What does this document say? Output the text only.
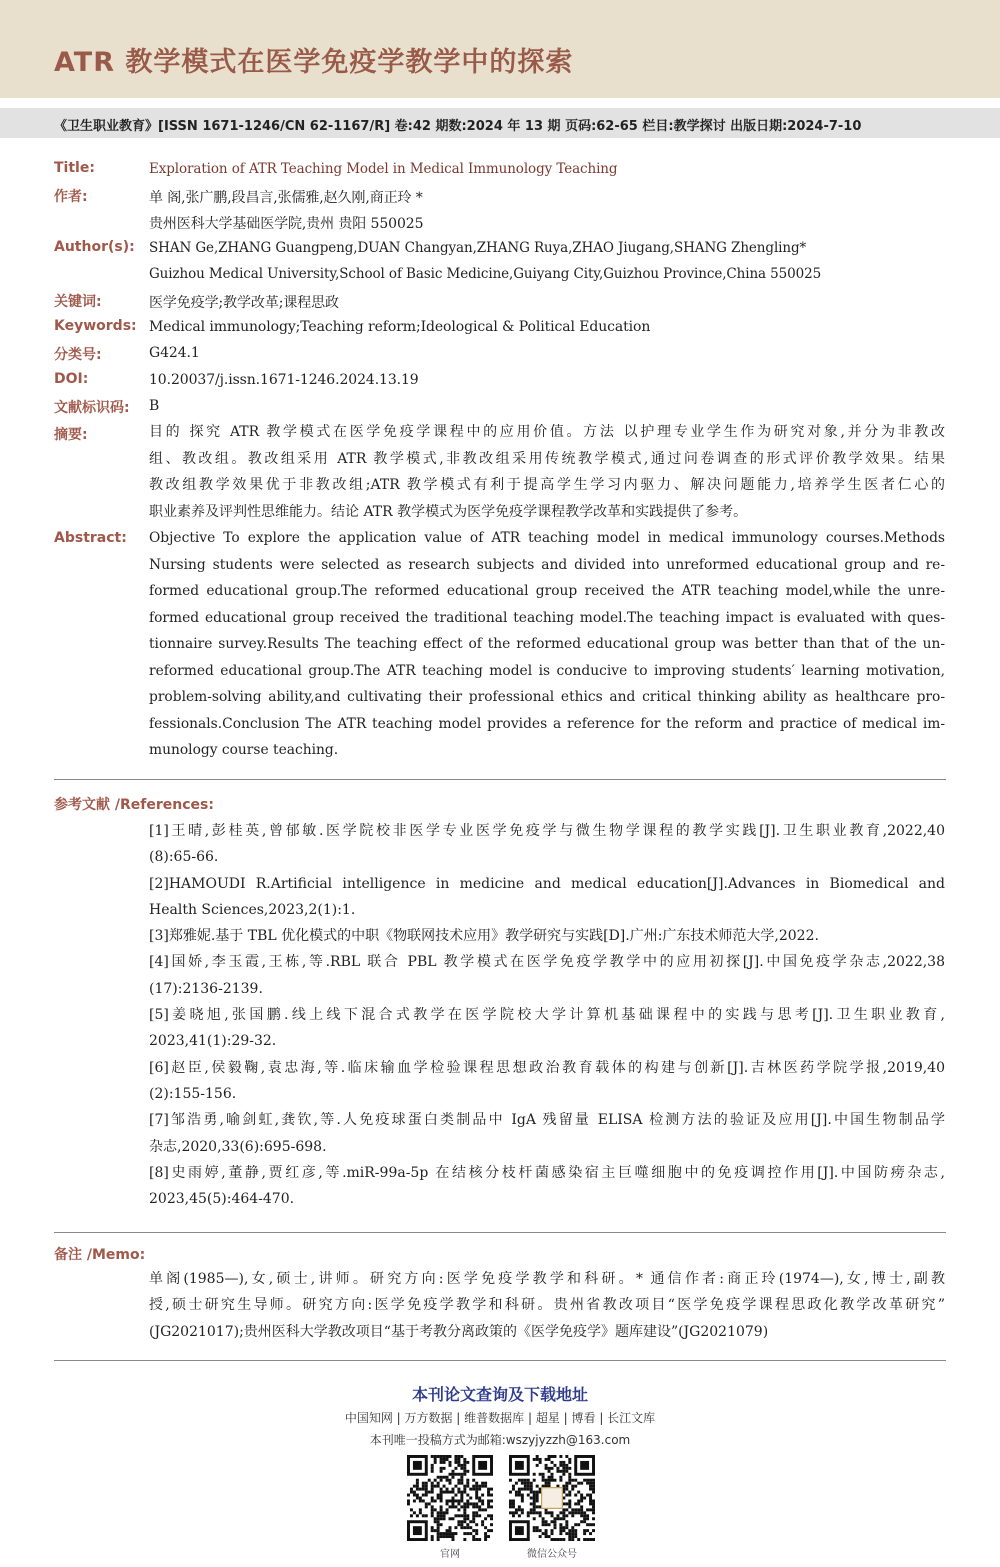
ATR 教学模式在医学免疫学教学中的探索
《卫生职业教育》[ISSN 1671-1246/CN 62-1167/R] 卷:42 期数:2024 年 13 期 页码:62-65 栏目:教学探讨 出版日期:2024-7-10
Title:	Exploration of ATR Teaching Model in Medical Immunology Teaching
作者:	单 阁,张广鹏,段昌言,张儒雅,赵久刚,商正玲 *
贵州医科大学基础医学院,贵州 贵阳 550025
Author(s): SHAN Ge,ZHANG Guangpeng,DUAN Changyan,ZHANG Ruya,ZHAO Jiugang,SHANG Zhengling*
Guizhou Medical University,School of Basic Medicine,Guiyang City,Guizhou Province,China 550025
关键词:	医学免疫学;教学改革;课程思政
Keywords: Medical immunology;Teaching reform;Ideological & Political Education
分类号:	G424.1
DOI:	10.20037/j.issn.1671-1246.2024.13.19
文献标识码: B
摘要:	目的 探究 ATR 教学模式在医学免疫学课程中的应用价值。方法 以护理专业学生作为研究对象,并分为非教改
组、教改组。教改组采用 ATR 教学模式,非教改组采用传统教学模式,通过问卷调查的形式评价教学效果。结果
教改组教学效果优于非教改组;ATR 教学模式有利于提高学生学习内驱力、解决问题能力,培养学生医者仁心的
职业素养及评判性思维能力。结论 ATR 教学模式为医学免疫学课程教学改革和实践提供了参考。
Abstract: Objective To explore the application value of ATR teaching model in medical immunology courses.Methods
Nursing students were selected as research subjects and divided into unreformed educational group and re-
formed educational group.The reformed educational group received the ATR teaching model,while the unre-
formed educational group received the traditional teaching model.The teaching impact is evaluated with ques-
tionnaire survey.Results The teaching effect of the reformed educational group was better than that of the un-
reformed educational group.The ATR teaching model is conducive to improving students′ learning motivation,
problem-solving ability,and cultivating their professional ethics and critical thinking ability as healthcare pro-
fessionals.Conclusion The ATR teaching model provides a reference for the reform and practice of medical im-
munology course teaching.
参考文献 /References:
[1]王晴,彭桂英,曾郁敏.医学院校非医学专业医学免疫学与微生物学课程的教学实践[J].卫生职业教育,2022,40
(8):65-66.
[2]HAMOUDI R.Artificial intelligence in medicine and medical education[J].Advances in Biomedical and
Health Sciences,2023,2(1):1.
[3]郑雅妮.基于 TBL 优化模式的中职《物联网技术应用》教学研究与实践[D].广州:广东技术师范大学,2022.
[4]国娇,李玉霞,王栋,等.RBL 联合 PBL 教学模式在医学免疫学教学中的应用初探[J].中国免疫学杂志,2022,38
(17):2136-2139.
[5]姜晓旭,张国鹏.线上线下混合式教学在医学院校大学计算机基础课程中的实践与思考[J].卫生职业教育,
2023,41(1):29-32.
[6]赵臣,侯毅鞠,袁忠海,等.临床输血学检验课程思想政治教育载体的构建与创新[J].吉林医药学院学报,2019,40
(2):155-156.
[7]邹浩勇,喻剑虹,龚钦,等.人免疫球蛋白类制品中 IgA 残留量 ELISA 检测方法的验证及应用[J].中国生物制品学
杂志,2020,33(6):695-698.
[8]史雨婷,董静,贾红彦,等.miR-99a-5p 在结核分枝杆菌感染宿主巨噬细胞中的免疫调控作用[J].中国防痨杂志,
2023,45(5):464-470.
备注 /Memo:
单阁(1985—),女,硕士,讲师。研究方向:医学免疫学教学和科研。* 通信作者:商正玲(1974—),女,博士,副教
授,硕士研究生导师。研究方向:医学免疫学教学和科研。贵州省教改项目“医学免疫学课程思政化教学改革研究”
(JG2021017);贵州医科大学教改项目“基于考教分离政策的《医学免疫学》题库建设”(JG2021079)
本刊论文查询及下载地址
中国知网 | 万方数据 | 维普数据库 | 超星 | 博看 | 长江文库
本刊唯一投稿方式为邮箱:wszyjyzzh@163.com
官网	微信公众号
